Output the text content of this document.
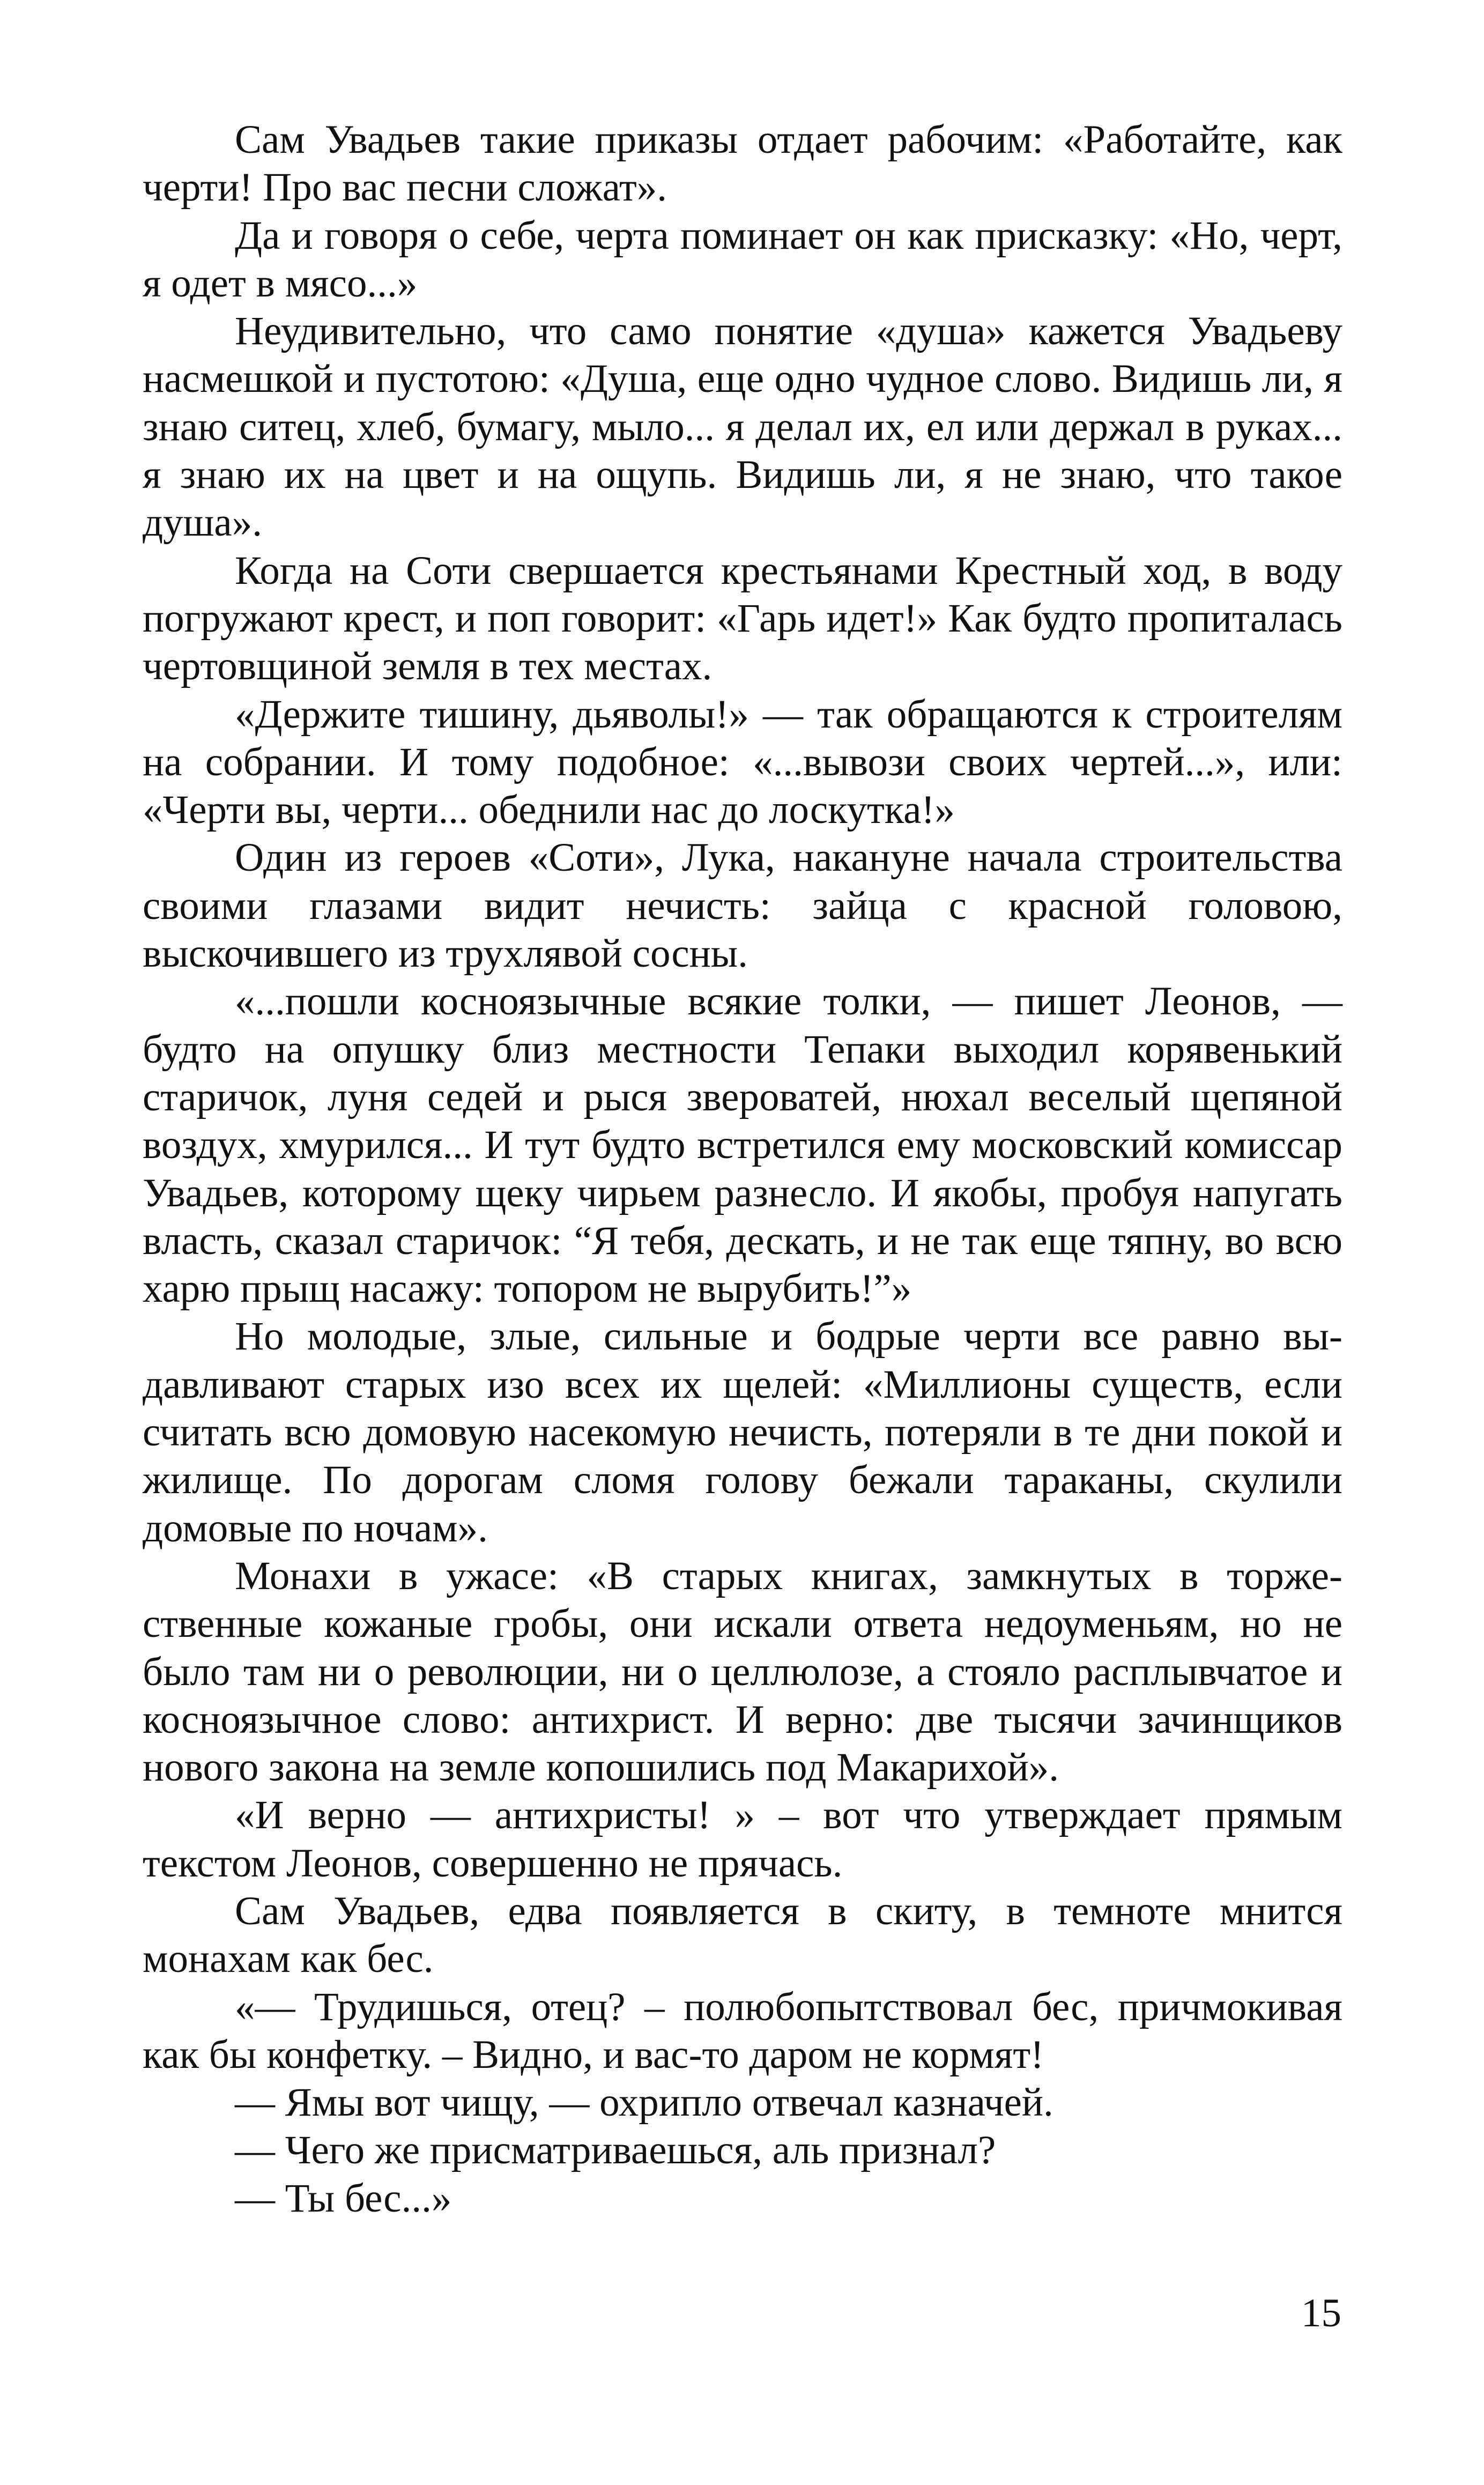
Сам Увадьев такие приказы отдает рабочим: «Работайте, как черти! Про вас песни сложат».

Да и говоря о себе, черта поминает он как присказку: «Но, черт, я одет в мясо...»

Неудивительно, что само понятие «душа» кажется Увадьеву насмешкой и пустотою: «Душа, еще одно чудное слово. Видишь ли, я знаю ситец, хлеб, бумагу, мыло... я делал их, ел или держал в руках... я знаю их на цвет и на ощупь. Видишь ли, я не знаю, что такое душа».

Когда на Соти свершается крестьянами Крестный ход, в воду погружают крест, и поп говорит: «Гарь идет!» Как будто пропиталась чертовщиной земля в тех местах.

«Держите тишину, дьяволы!» — так обращаются к строителям на собрании. И тому подобное: «...вывози своих чертей...», или: «Черти вы, черти... обеднили нас до лоскутка!»

Один из героев «Соти», Лука, накануне начала строительства своими глазами видит нечисть: зайца с красной головою, выскочившего из трухлявой сосны.

«...пошли косноязычные всякие толки, — пишет Леонов, — будто на опушку близ местности Тепаки выходил корявенький старичок, луня седей и рыся звероватей, нюхал веселый щепяной воздух, хмурился... И тут будто встретился ему московский комиссар Увадьев, которому щеку чирьем разнесло. И якобы, пробуя напугать власть, сказал старичок: “Я тебя, дескать, и не так еще тяпну, во всю харю прыщ насажу: топором не вырубить!”»

Но молодые, злые, сильные и бодрые черти все равно выдавливают старых изо всех их щелей: «Миллионы существ, если считать всю домовую насекомую нечисть, потеряли в те дни покой и жилище. По дорогам сломя голову бежали тараканы, скулили домовые по ночам».

Монахи в ужасе: «В старых книгах, замкнутых в торжественные кожаные гробы, они искали ответа недоуменьям, но не было там ни о революции, ни о целлюлозе, а стояло расплывчатое и косноязычное слово: антихрист. И верно: две тысячи зачинщиков нового закона на земле копошились под Макарихой».

«И верно — антихристы! » – вот что утверждает прямым текстом Леонов, совершенно не прячась.

Сам Увадьев, едва появляется в скиту, в темноте мнится монахам как бес.

«— Трудишься, отец? – полюбопытствовал бес, причмокивая как бы конфетку. – Видно, и вас-то даром не кормят!

— Ямы вот чищу, — охрипло отвечал казначей.

— Чего же присматриваешься, аль признал?

— Ты бес...»

15
